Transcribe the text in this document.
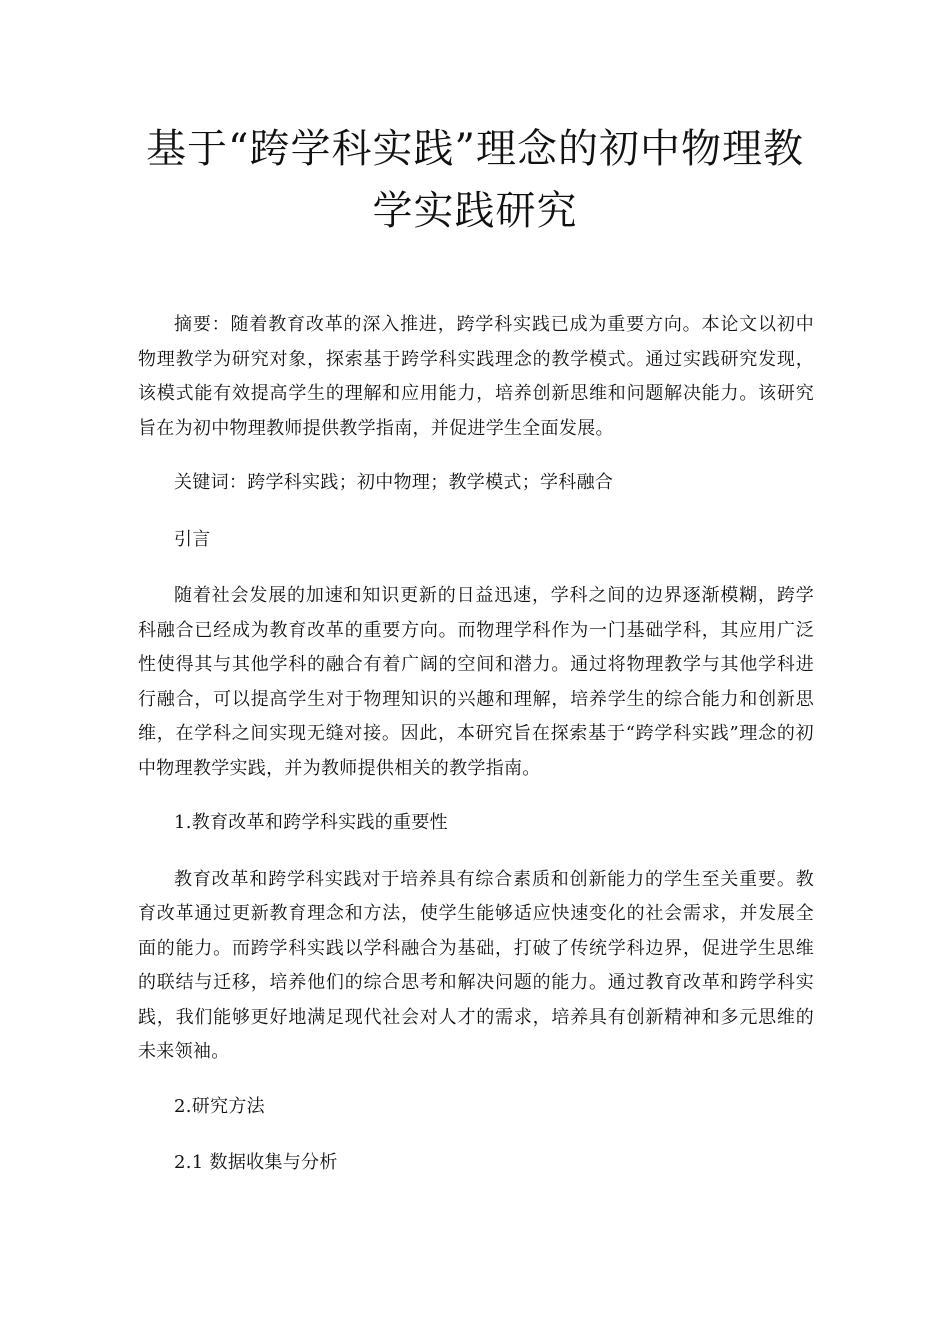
基于“跨学科实践”理念的初中物理教
学实践研究

摘要：随着教育改革的深入推进，跨学科实践已成为重要方向。本论文以初中物理教学为研究对象，探索基于跨学科实践理念的教学模式。通过实践研究发现，该模式能有效提高学生的理解和应用能力，培养创新思维和问题解决能力。该研究旨在为初中物理教师提供教学指南，并促进学生全面发展。

关键词：跨学科实践；初中物理；教学模式；学科融合

引言

随着社会发展的加速和知识更新的日益迅速，学科之间的边界逐渐模糊，跨学科融合已经成为教育改革的重要方向。而物理学科作为一门基础学科，其应用广泛性使得其与其他学科的融合有着广阔的空间和潜力。通过将物理教学与其他学科进行融合，可以提高学生对于物理知识的兴趣和理解，培养学生的综合能力和创新思维，在学科之间实现无缝对接。因此，本研究旨在探索基于“跨学科实践”理念的初中物理教学实践，并为教师提供相关的教学指南。

1.教育改革和跨学科实践的重要性

教育改革和跨学科实践对于培养具有综合素质和创新能力的学生至关重要。教育改革通过更新教育理念和方法，使学生能够适应快速变化的社会需求，并发展全面的能力。而跨学科实践以学科融合为基础，打破了传统学科边界，促进学生思维的联结与迁移，培养他们的综合思考和解决问题的能力。通过教育改革和跨学科实践，我们能够更好地满足现代社会对人才的需求，培养具有创新精神和多元思维的未来领袖。

2.研究方法

2.1 数据收集与分析
